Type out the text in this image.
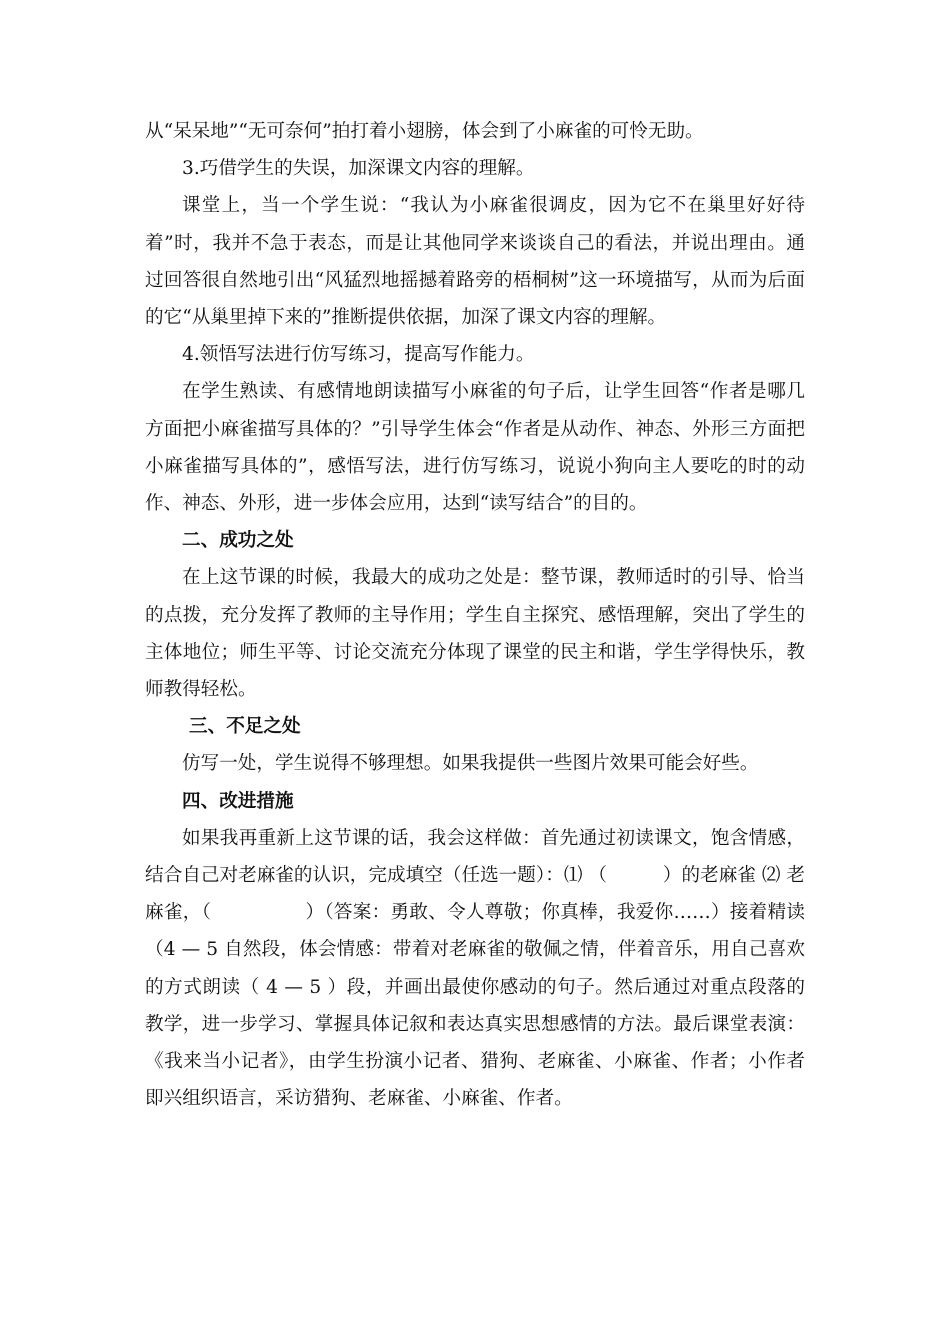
从“呆呆地”“无可奈何”拍打着小翅膀，体会到了小麻雀的可怜无助。

3.巧借学生的失误，加深课文内容的理解。

课堂上，当一个学生说：“我认为小麻雀很调皮，因为它不在巢里好好待着”时，我并不急于表态，而是让其他同学来谈谈自己的看法，并说出理由。通过回答很自然地引出“风猛烈地摇撼着路旁的梧桐树”这一环境描写，从而为后面的它“从巢里掉下来的”推断提供依据，加深了课文内容的理解。

4.领悟写法进行仿写练习，提高写作能力。

在学生熟读、有感情地朗读描写小麻雀的句子后，让学生回答“作者是哪几方面把小麻雀描写具体的？”引导学生体会“作者是从动作、神态、外形三方面把小麻雀描写具体的”，感悟写法，进行仿写练习，说说小狗向主人要吃的时的动作、神态、外形，进一步体会应用，达到“读写结合”的目的。

二、成功之处

在上这节课的时候，我最大的成功之处是：整节课，教师适时的引导、恰当的点拨，充分发挥了教师的主导作用；学生自主探究、感悟理解，突出了学生的主体地位；师生平等、讨论交流充分体现了课堂的民主和谐，学生学得快乐，教师教得轻松。

三、不足之处

仿写一处，学生说得不够理想。如果我提供一些图片效果可能会好些。

四、改进措施

如果我再重新上这节课的话，我会这样做：首先通过初读课文，饱含情感，结合自己对老麻雀的认识，完成填空（任选一题）：⑴ （　　　）的老麻雀 ⑵ 老麻雀，（　　　　　）（答案：勇敢、令人尊敬；你真棒，我爱你……）接着精读（4 — 5 自然段，体会情感：带着对老麻雀的敬佩之情，伴着音乐，用自己喜欢的方式朗读（ 4 — 5 ）段，并画出最使你感动的句子。然后通过对重点段落的教学，进一步学习、掌握具体记叙和表达真实思想感情的方法。最后课堂表演：《我来当小记者》，由学生扮演小记者、猎狗、老麻雀、小麻雀、作者；小作者即兴组织语言，采访猎狗、老麻雀、小麻雀、作者。
